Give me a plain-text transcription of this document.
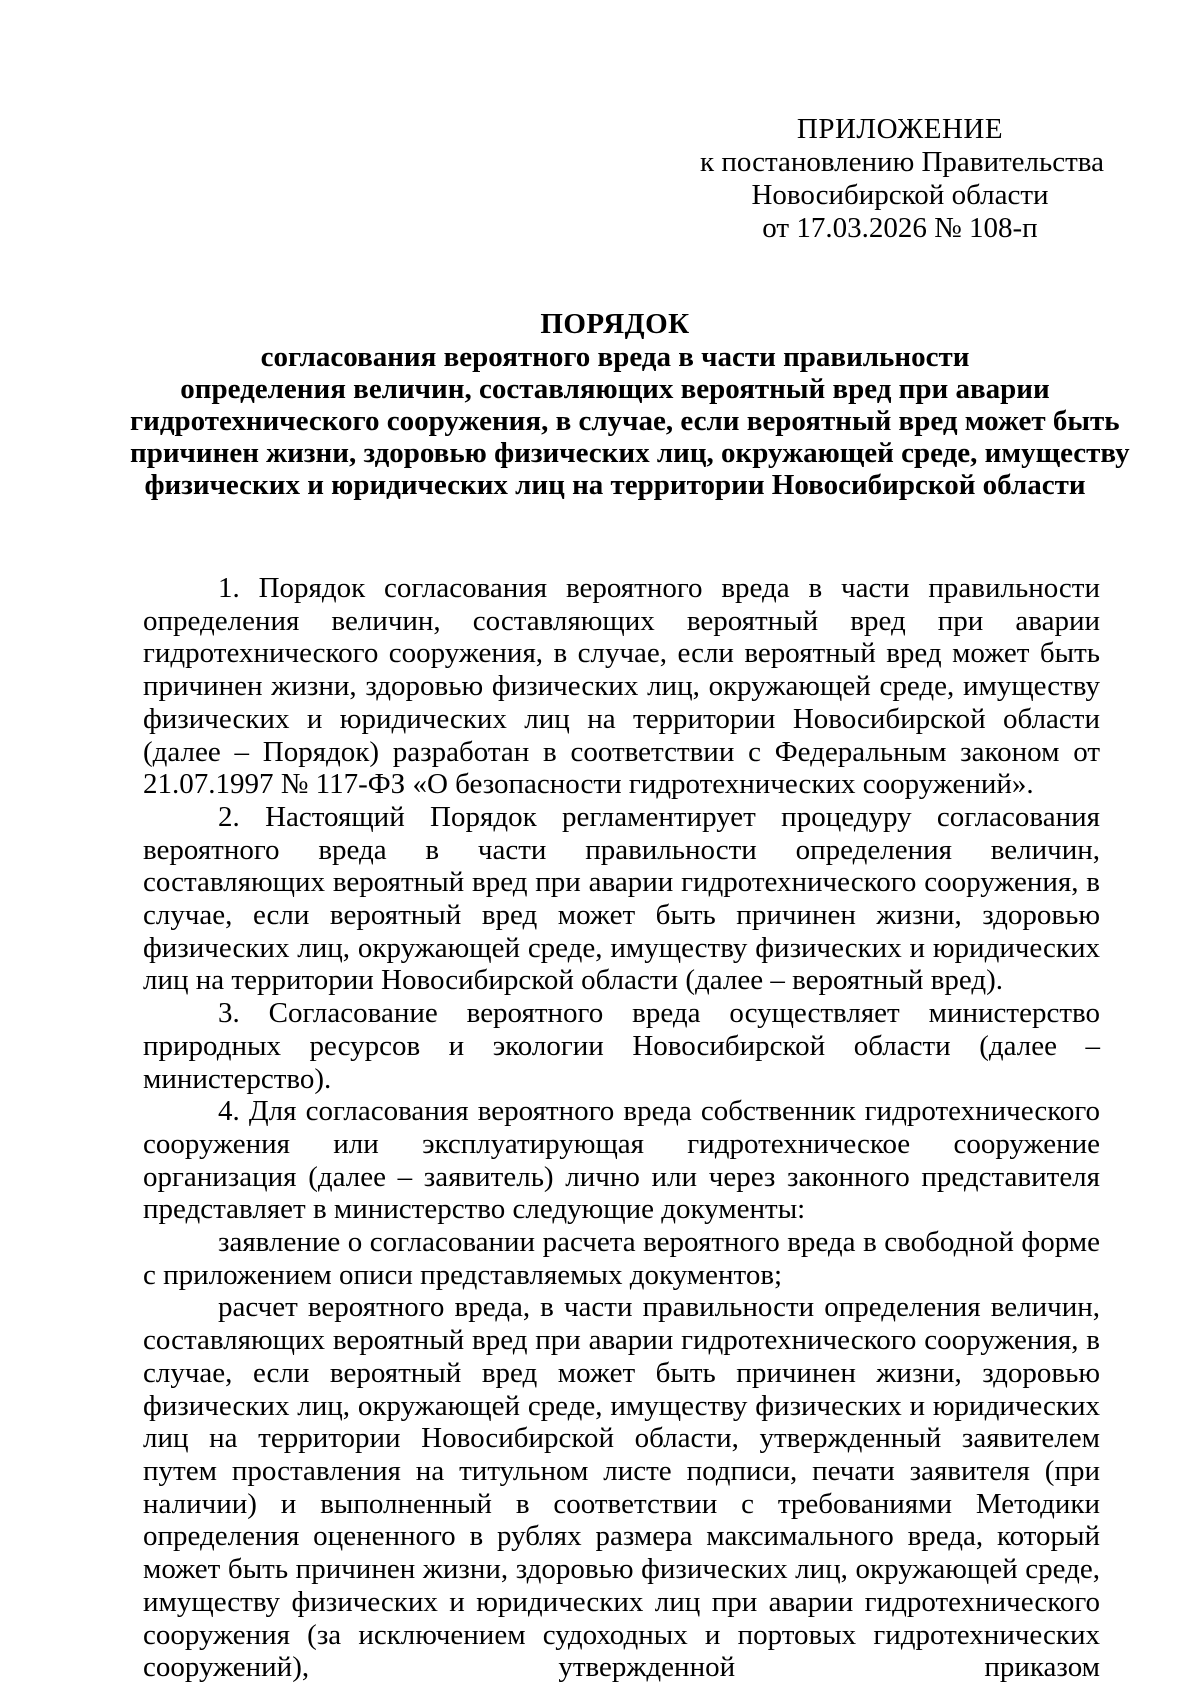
ПРИЛОЖЕНИЕ
к постановлению Правительства
Новосибирской области
от 17.03.2026 № 108-п
ПОРЯДОК
согласования вероятного вреда в части правильности
определения величин, составляющих вероятный вред при аварии
гидротехнического сооружения, в случае, если вероятный вред может быть
причинен жизни, здоровью физических лиц, окружающей среде, имуществу
физических и юридических лиц на территории Новосибирской области

1. Порядок согласования вероятного вреда в части правильности определения величин, составляющих вероятный вред при аварии гидротехнического сооружения, в случае, если вероятный вред может быть причинен жизни, здоровью физических лиц, окружающей среде, имуществу физических и юридических лиц на территории Новосибирской области (далее – Порядок) разработан в соответствии с Федеральным законом от 21.07.1997 № 117-ФЗ «О безопасности гидротехнических сооружений».

2. Настоящий Порядок регламентирует процедуру согласования вероятного вреда в части правильности определения величин, составляющих вероятный вред при аварии гидротехнического сооружения, в случае, если вероятный вред может быть причинен жизни, здоровью физических лиц, окружающей среде, имуществу физических и юридических лиц на территории Новосибирской области (далее – вероятный вред).

3. Согласование вероятного вреда осуществляет министерство природных ресурсов и экологии Новосибирской области (далее – министерство).

4. Для согласования вероятного вреда собственник гидротехнического сооружения или эксплуатирующая гидротехническое сооружение организация (далее – заявитель) лично или через законного представителя представляет в министерство следующие документы:

заявление о согласовании расчета вероятного вреда в свободной форме с приложением описи представляемых документов;

расчет вероятного вреда, в части правильности определения величин, составляющих вероятный вред при аварии гидротехнического сооружения, в случае, если вероятный вред может быть причинен жизни, здоровью физических лиц, окружающей среде, имуществу физических и юридических лиц на территории Новосибирской области, утвержденный заявителем путем проставления на титульном листе подписи, печати заявителя (при наличии) и выполненный в соответствии с требованиями Методики определения оцененного в рублях размера максимального вреда, который может быть причинен жизни, здоровью физических лиц, окружающей среде, имуществу физических и юридических лиц при аварии гидротехнического сооружения (за исключением судоходных и портовых гидротехнических сооружений), утвержденной приказом
